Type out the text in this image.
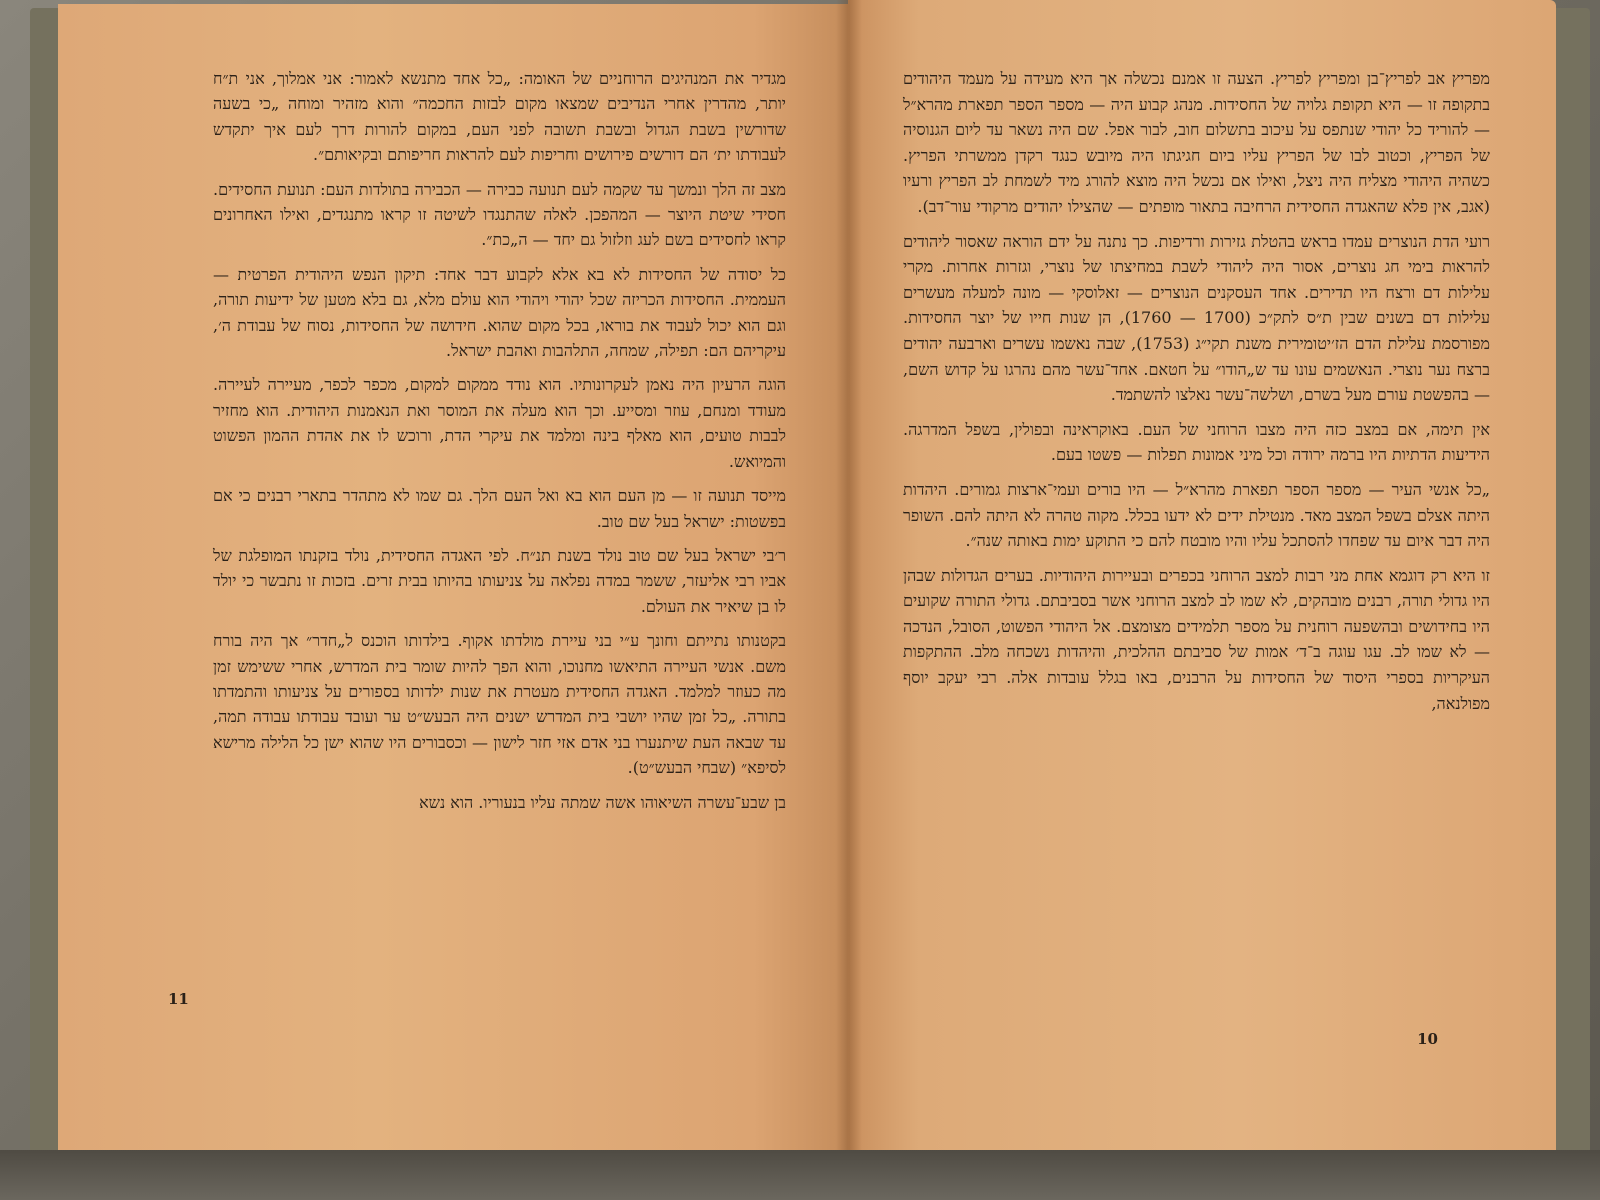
מגדיר את המנהיגים הרוחניים של האומה: „כל אחד מתנשא לאמור: אני אמלוך, אני ת״ח יותר, מהדרין אחרי הנדיבים שמצאו מקום לבזות החכמה״ והוא מזהיר ומוחה „כי בשעה שדורשין בשבת הגדול ובשבת תשובה לפני העם, במקום להורות דרך לעם איך יתקדש לעבודתו ית׳ הם דורשים פירושים וחריפות לעם להראות חריפותם ובקיאותם״.

מצב זה הלך ונמשך עד שקמה לעם תנועה כבירה — הכבירה בתולדות העם: תנועת החסידים. חסידי שיטת היוצר — המהפכן. לאלה שהתנגדו לשיטה זו קראו מתנגדים, ואילו האחרונים קראו לחסידים בשם לעג וזלזול גם יחד — ה„כת״.

כל יסודה של החסידות לא בא אלא לקבוע דבר אחד: תיקון הנפש היהודית הפרטית — העממית. החסידות הכריזה שכל יהודי ויהודי הוא עולם מלא, גם בלא מטען של ידיעות תורה, וגם הוא יכול לעבוד את בוראו, בכל מקום שהוא. חידושה של החסידות, נסוח של עבודת ה׳, עיקריהם הם: תפילה, שמחה, התלהבות ואהבת ישראל.

הוגה הרעיון היה נאמן לעקרונותיו. הוא נודד ממקום למקום, מכפר לכפר, מעיירה לעיירה. מעודד ומנחם, עוזר ומסייע. וכך הוא מעלה את המוסר ואת הנאמנות היהודית. הוא מחזיר לבבות טועים, הוא מאלף בינה ומלמד את עיקרי הדת, ורוכש לו את אהדת ההמון הפשוט והמיואש.

מייסד תנועה זו — מן העם הוא בא ואל העם הלך. גם שמו לא מתהדר בתארי רבנים כי אם בפשטות: ישראל בעל שם טוב.

ר׳בי ישראל בעל שם טוב נולד בשנת תנ״ח. לפי האגדה החסידית, נולד בזקנתו המופלגת של אביו רבי אליעזר, ששמר במדה נפלאה על צניעותו בהיותו בבית זרים. בזכות זו נתבשר כי יולד לו בן שיאיר את העולם.

בקטנותו נתייתם וחונך ע״י בני עיירת מולדתו אקוף. בילדותו הוכנס ל„חדר״ אך היה בורח משם. אנשי העיירה התיאשו מחנוכו, והוא הפך להיות שומר בית המדרש, אחרי ששימש זמן מה כעוזר למלמד. האגדה החסידית מעטרת את שנות ילדותו בספורים על צניעותו והתמדתו בתורה. „כל זמן שהיו יושבי בית המדרש ישנים היה הבעש״ט ער ועובד עבודתו עבודה תמה, עד שבאה העת שיתנערו בני אדם אזי חזר לישון — וכסבורים היו שהוא ישן כל הלילה מרישא לסיפא״ (שבחי הבעש״ט).

בן שבע־עשרה השיאוהו אשה שמתה עליו בנעוריו. הוא נשא

11

מפריץ אב לפריץ־בן ומפריץ לפריץ. הצעה זו אמנם נכשלה אך היא מעידה על מעמד היהודים בתקופה זו — היא תקופת גלויה של החסידות. מנהג קבוע היה — מספר הספר תפארת מהרא״ל — להוריד כל יהודי שנתפס על עיכוב בתשלום חוב, לבור אפל. שם היה נשאר עד ליום הגנוסיה של הפריץ, וכטוב לבו של הפריץ עליו ביום חגיגתו היה מיובש כנגד רקדן ממשרתי הפריץ. כשהיה היהודי מצליח היה ניצל, ואילו אם נכשל היה מוצא להורג מיד לשמחת לב הפריץ ורעיו (אגב, אין פלא שהאגדה החסידית הרחיבה בתאור מופתים — שהצילו יהודים מרקודי עור־דב).

רועי הדת הנוצרים עמדו בראש בהטלת גזירות ורדיפות. כך נתנה על ידם הוראה שאסור ליהודים להראות בימי חג נוצרים, אסור היה ליהודי לשבת במחיצתו של נוצרי, וגזרות אחרות. מקרי עלילות דם ורצח היו תדירים. אחד העסקנים הנוצרים — זאלוסקי — מונה למעלה מעשרים עלילות דם בשנים שבין ת״ס לתק״כ (1700 — 1760), הן שנות חייו של יוצר החסידות. מפורסמת עלילת הדם הז׳יטומירית משנת תקי״ג (1753), שבה נאשמו עשרים וארבעה יהודים ברצח נער נוצרי. הנאשמים עונו עד ש„הודו״ על חטאם. אחד־עשר מהם נהרגו על קדוש השם, — בהפשטת עורם מעל בשרם, ושלשה־עשר נאלצו להשתמד.

אין תימה, אם במצב כזה היה מצבו הרוחני של העם. באוקראינה ובפולין, בשפל המדרגה. הידיעות הדתיות היו ברמה ירודה וכל מיני אמונות תפלות — פשטו בעם.

„כל אנשי העיר — מספר הספר תפארת מהרא״ל — היו בורים ועמי־ארצות גמורים. היהדות היתה אצלם בשפל המצב מאד. מנטילת ידים לא ידעו בכלל. מקוה טהרה לא היתה להם. השופר היה דבר איום עד שפחדו להסתכל עליו והיו מובטח להם כי התוקע ימות באותה שנה״.

זו היא רק דוגמא אחת מני רבות למצב הרוחני בכפרים ובעיירות היהודיות. בערים הגדולות שבהן היו גדולי תורה, רבנים מובהקים, לא שמו לב למצב הרוחני אשר בסביבתם. גדולי התורה שקועים היו בחידושים ובהשפעה רוחנית על מספר תלמידים מצומצם. אל היהודי הפשוט, הסובל, הנדכה — לא שמו לב. עגו עוגה ב־ד׳ אמות של סביבתם ההלכית, והיהדות נשכחה מלב. ההתקפות העיקריות בספרי היסוד של החסידות על הרבנים, באו בגלל עובדות אלה. רבי יעקב יוסף מפולנאה,

10
